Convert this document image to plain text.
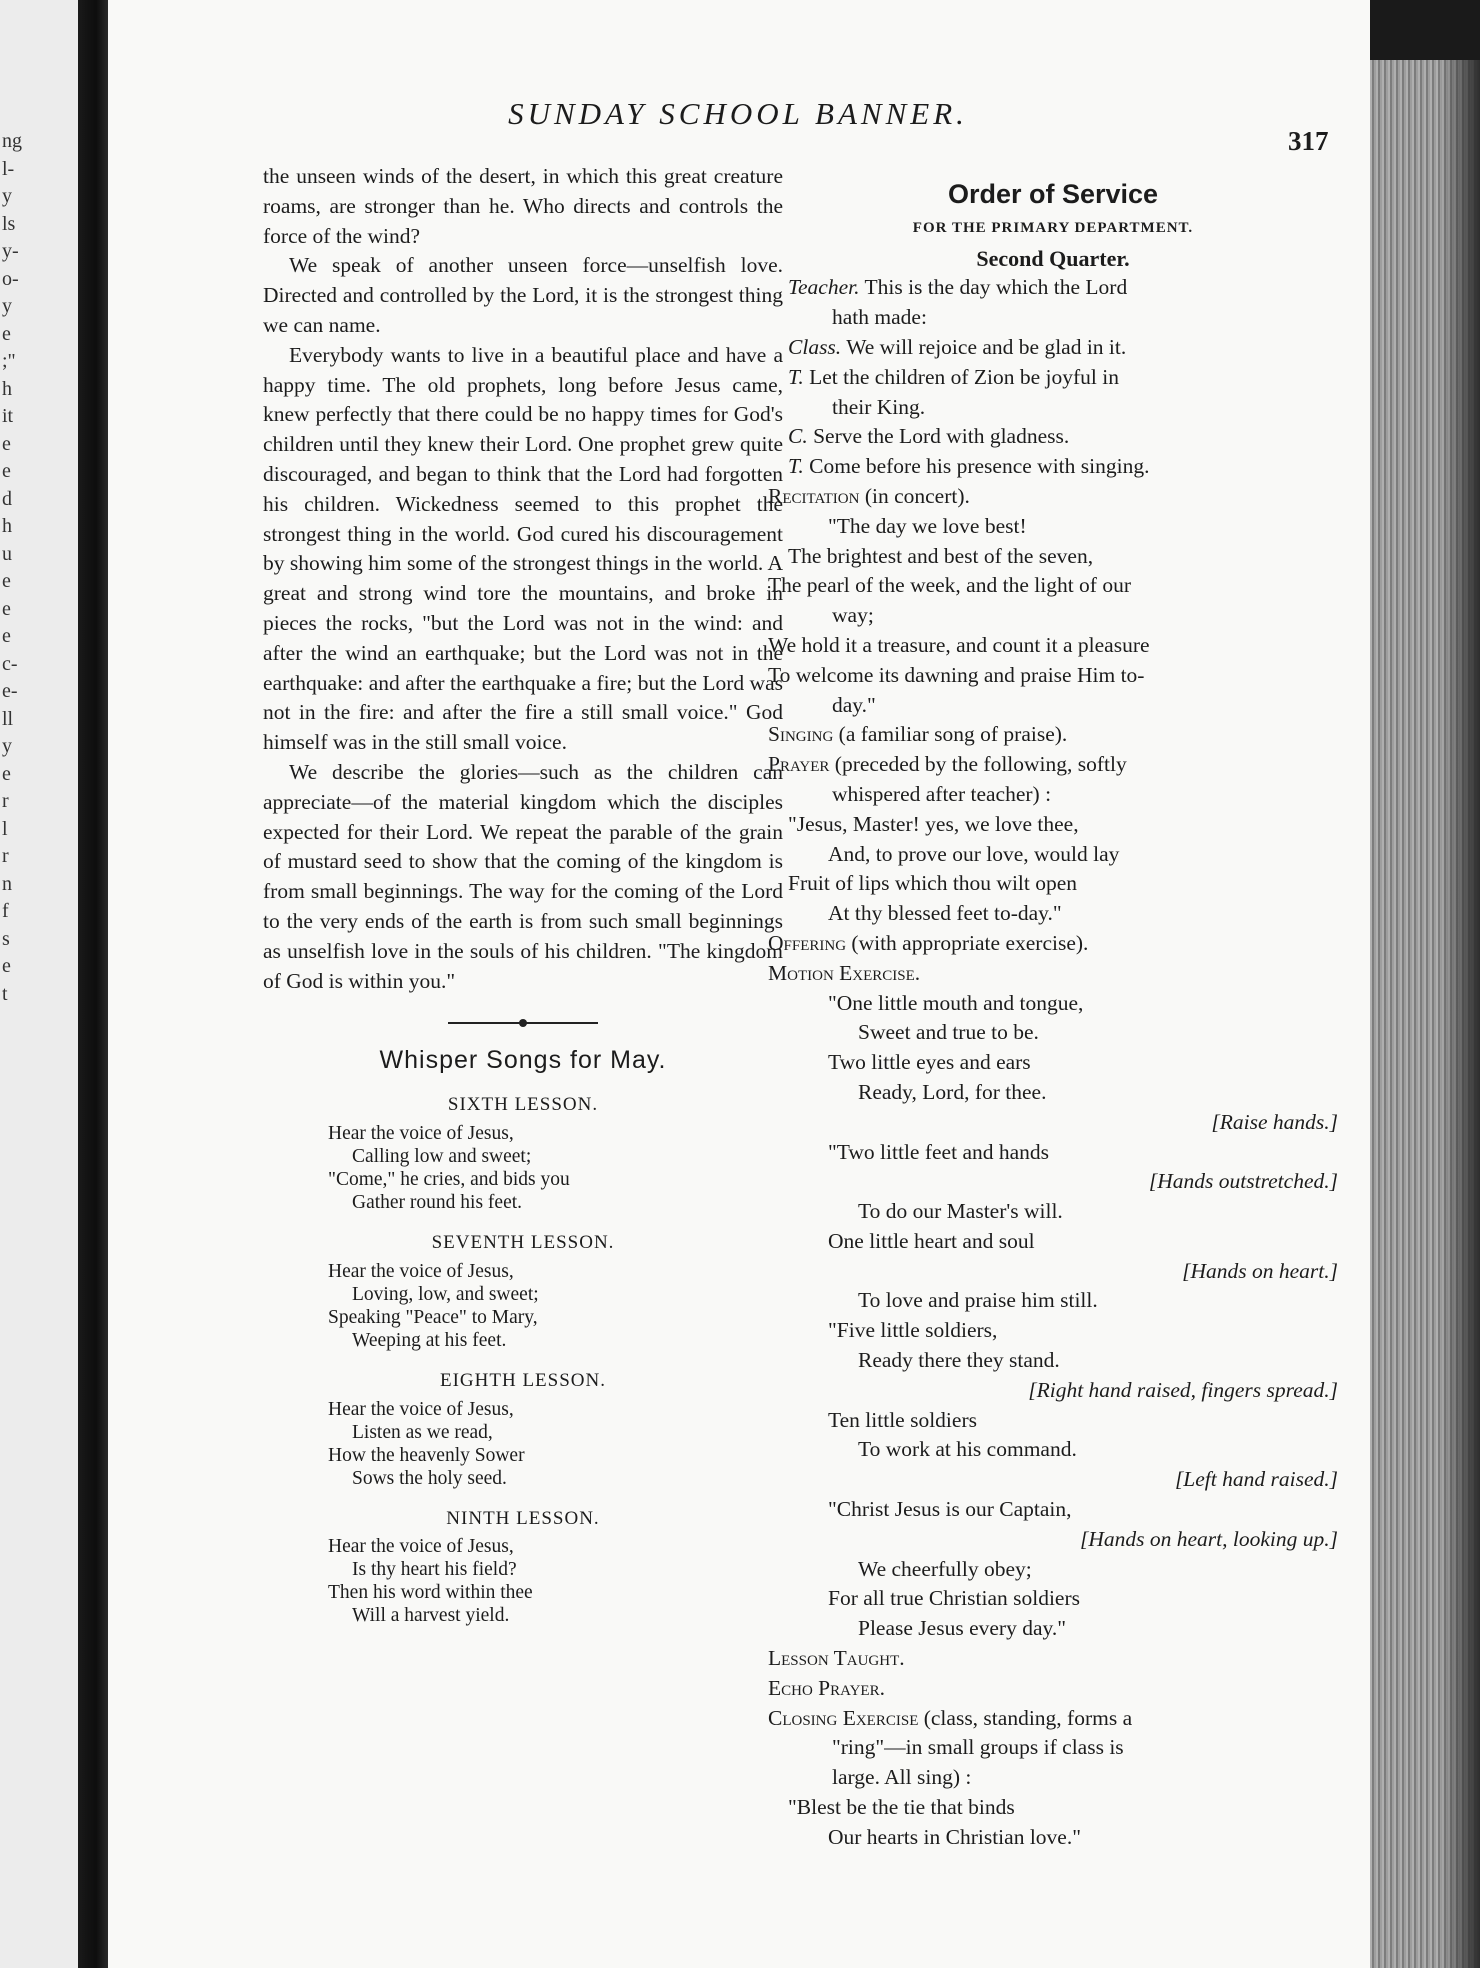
ng
l-
y
ls
y-
o-
y
e
;"
h
it
e
e
d
h
u
e
e
e
c-
e-
ll
y
e
r
l
r
n
f
s
e
t
SUNDAY SCHOOL BANNER.
317

the unseen winds of the desert, in which this great creature roams, are stronger than he. Who directs and controls the force of the wind?

We speak of another unseen force—unselfish love. Directed and controlled by the Lord, it is the strongest thing we can name.

Everybody wants to live in a beautiful place and have a happy time. The old prophets, long before Jesus came, knew perfectly that there could be no happy times for God's children until they knew their Lord. One prophet grew quite discouraged, and began to think that the Lord had forgotten his children. Wickedness seemed to this prophet the strongest thing in the world. God cured his discouragement by showing him some of the strongest things in the world. A great and strong wind tore the mountains, and broke in pieces the rocks, "but the Lord was not in the wind: and after the wind an earthquake; but the Lord was not in the earthquake: and after the earthquake a fire; but the Lord was not in the fire: and after the fire a still small voice." God himself was in the still small voice.

We describe the glories—such as the children can appreciate—of the material kingdom which the disciples expected for their Lord. We repeat the parable of the grain of mustard seed to show that the coming of the kingdom is from small beginnings. The way for the coming of the Lord to the very ends of the earth is from such small beginnings as unselfish love in the souls of his children. "The kingdom of God is within you."

Whisper Songs for May.
SIXTH LESSON.
Hear the voice of Jesus,
Calling low and sweet;
"Come," he cries, and bids you
Gather round his feet.
SEVENTH LESSON.
Hear the voice of Jesus,
Loving, low, and sweet;
Speaking "Peace" to Mary,
Weeping at his feet.
EIGHTH LESSON.
Hear the voice of Jesus,
Listen as we read,
How the heavenly Sower
Sows the holy seed.
NINTH LESSON.
Hear the voice of Jesus,
Is thy heart his field?
Then his word within thee
Will a harvest yield.
Order of Service
FOR THE PRIMARY DEPARTMENT.
Second Quarter.
Teacher. This is the day which the Lord
hath made:
Class. We will rejoice and be glad in it.
T. Let the children of Zion be joyful in
their King.
C. Serve the Lord with gladness.
T. Come before his presence with singing.
Recitation (in concert).
"The day we love best!
The brightest and best of the seven,
The pearl of the week, and the light of our
way;
We hold it a treasure, and count it a pleasure
To welcome its dawning and praise Him to-
day."
Singing (a familiar song of praise).
Prayer (preceded by the following, softly
whispered after teacher) :
"Jesus, Master! yes, we love thee,
And, to prove our love, would lay
Fruit of lips which thou wilt open
At thy blessed feet to-day."
Offering (with appropriate exercise).
Motion Exercise.
"One little mouth and tongue,
Sweet and true to be.
Two little eyes and ears
Ready, Lord, for thee.
[Raise hands.]
"Two little feet and hands
[Hands outstretched.]
To do our Master's will.
One little heart and soul
[Hands on heart.]
To love and praise him still.
"Five little soldiers,
Ready there they stand.
[Right hand raised, fingers spread.]
Ten little soldiers
To work at his command.
[Left hand raised.]
"Christ Jesus is our Captain,
[Hands on heart, looking up.]
We cheerfully obey;
For all true Christian soldiers
Please Jesus every day."
Lesson Taught.
Echo Prayer.
Closing Exercise (class, standing, forms a
"ring"—in small groups if class is
large. All sing) :
"Blest be the tie that binds
Our hearts in Christian love."
